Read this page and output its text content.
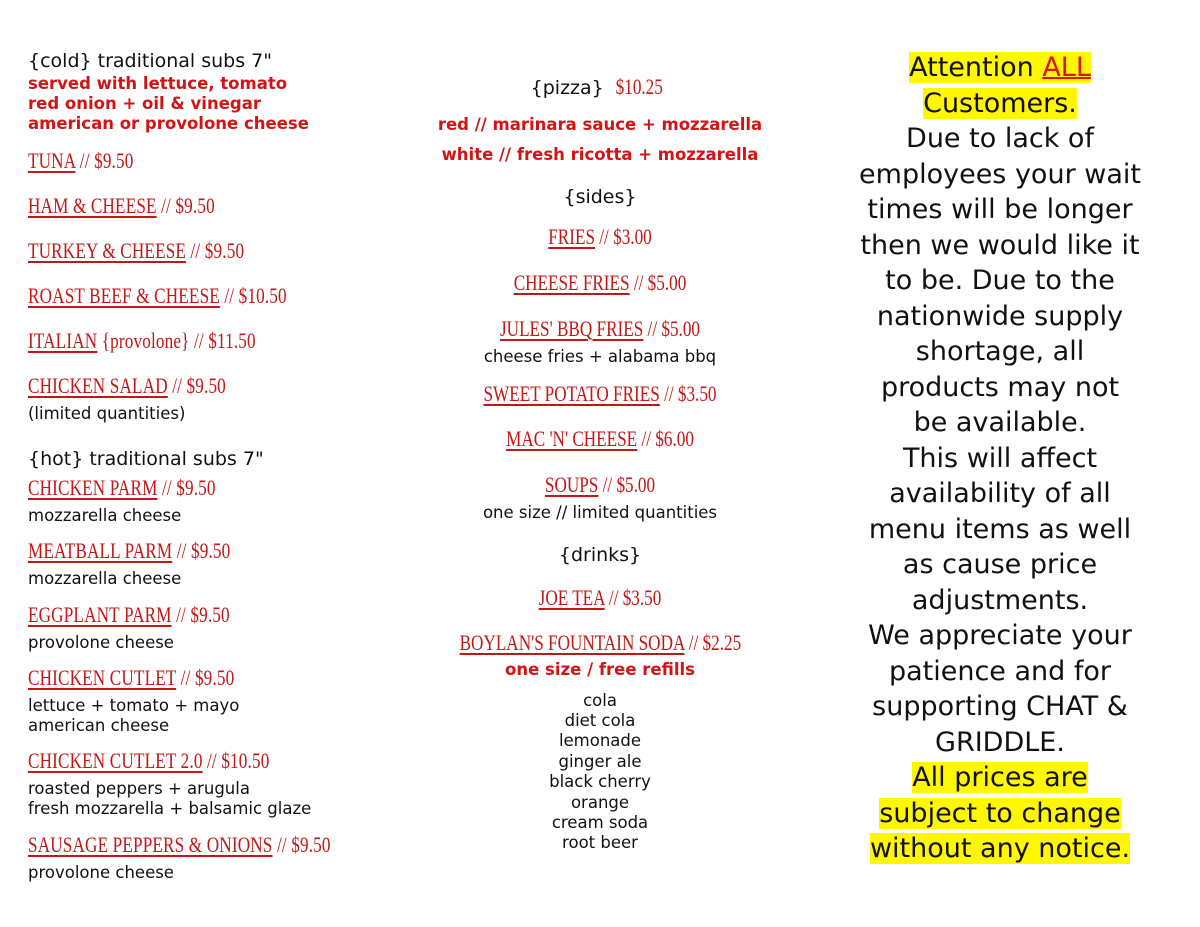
{cold} traditional subs 7"
served with lettuce, tomato
red onion + oil & vinegar
american or provolone cheese
TUNA // $9.50
HAM & CHEESE // $9.50
TURKEY & CHEESE // $9.50
ROAST BEEF & CHEESE // $10.50
ITALIAN {provolone} // $11.50
CHICKEN SALAD // $9.50
(limited quantities)
{hot} traditional subs 7"
CHICKEN PARM // $9.50
mozzarella cheese
MEATBALL PARM // $9.50
mozzarella cheese
EGGPLANT PARM // $9.50
provolone cheese
CHICKEN CUTLET // $9.50
lettuce + tomato + mayo
american cheese
CHICKEN CUTLET 2.0 // $10.50
roasted peppers + arugula
fresh mozzarella + balsamic glaze
SAUSAGE PEPPERS & ONIONS // $9.50
provolone cheese
{pizza} $10.25
red // marinara sauce + mozzarella
white // fresh ricotta + mozzarella
{sides}
FRIES // $3.00
CHEESE FRIES // $5.00
JULES' BBQ FRIES // $5.00
cheese fries + alabama bbq
SWEET POTATO FRIES // $3.50
MAC 'N' CHEESE // $6.00
SOUPS // $5.00
one size // limited quantities
{drinks}
JOE TEA // $3.50
BOYLAN'S FOUNTAIN SODA // $2.25
one size / free refills
cola
diet cola
lemonade
ginger ale
black cherry
orange
cream soda
root beer
Attention ALL
Customers.
Due to lack of
employees your wait
times will be longer
then we would like it
to be. Due to the
nationwide supply
shortage, all
products may not
be available.
This will affect
availability of all
menu items as well
as cause price
adjustments.
We appreciate your
patience and for
supporting CHAT &
GRIDDLE.
All prices are
subject to change
without any notice.
